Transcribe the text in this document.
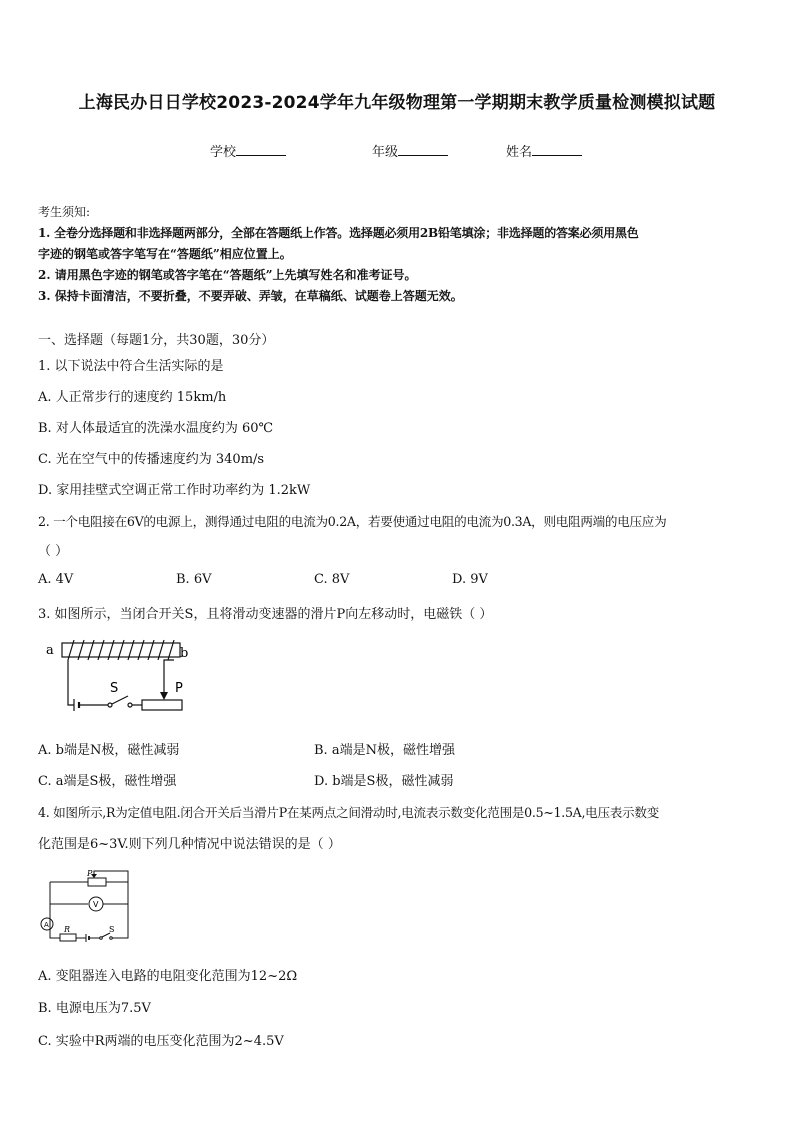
上海民办日日学校2023-2024学年九年级物理第一学期期末教学质量检测模拟试题
学校	年级	姓名
考生须知:
1. 全卷分选择题和非选择题两部分，全部在答题纸上作答。选择题必须用2B铅笔填涂；非选择题的答案必须用黑色
字迹的钢笔或答字笔写在“答题纸”相应位置上。
2. 请用黑色字迹的钢笔或答字笔在“答题纸”上先填写姓名和准考证号。
3. 保持卡面清洁，不要折叠，不要弄破、弄皱，在草稿纸、试题卷上答题无效。
一、选择题（每题1分，共30题，30分）
1. 以下说法中符合生活实际的是
A. 人正常步行的速度约 15km/h
B. 对人体最适宜的洗澡水温度约为 60℃
C. 光在空气中的传播速度约为 340m/s
D. 家用挂壁式空调正常工作时功率约为 1.2kW
2. 一个电阻接在6V的电源上，测得通过电阻的电流为0.2A，若要使通过电阻的电流为0.3A，则电阻两端的电压应为
（ ）
A. 4V	B. 6V	C. 8V	D. 9V
3. 如图所示，当闭合开关S，且将滑动变速器的滑片P向左移动时，电磁铁（ ）
a	b
S	P
A. b端是N极，磁性减弱	B. a端是N极，磁性增强
C. a端是S极，磁性增强	D. b端是S极，磁性减弱
4. 如图所示,R为定值电阻.闭合开关后当滑片P在某两点之间滑动时,电流表示数变化范围是0.5~1.5A,电压表示数变
化范围是6~3V.则下列几种情况中说法错误的是（ ）
P
V
A R	S
A. 变阻器连入电路的电阻变化范围为12~2Ω
B. 电源电压为7.5V
C. 实验中R两端的电压变化范围为2~4.5V
